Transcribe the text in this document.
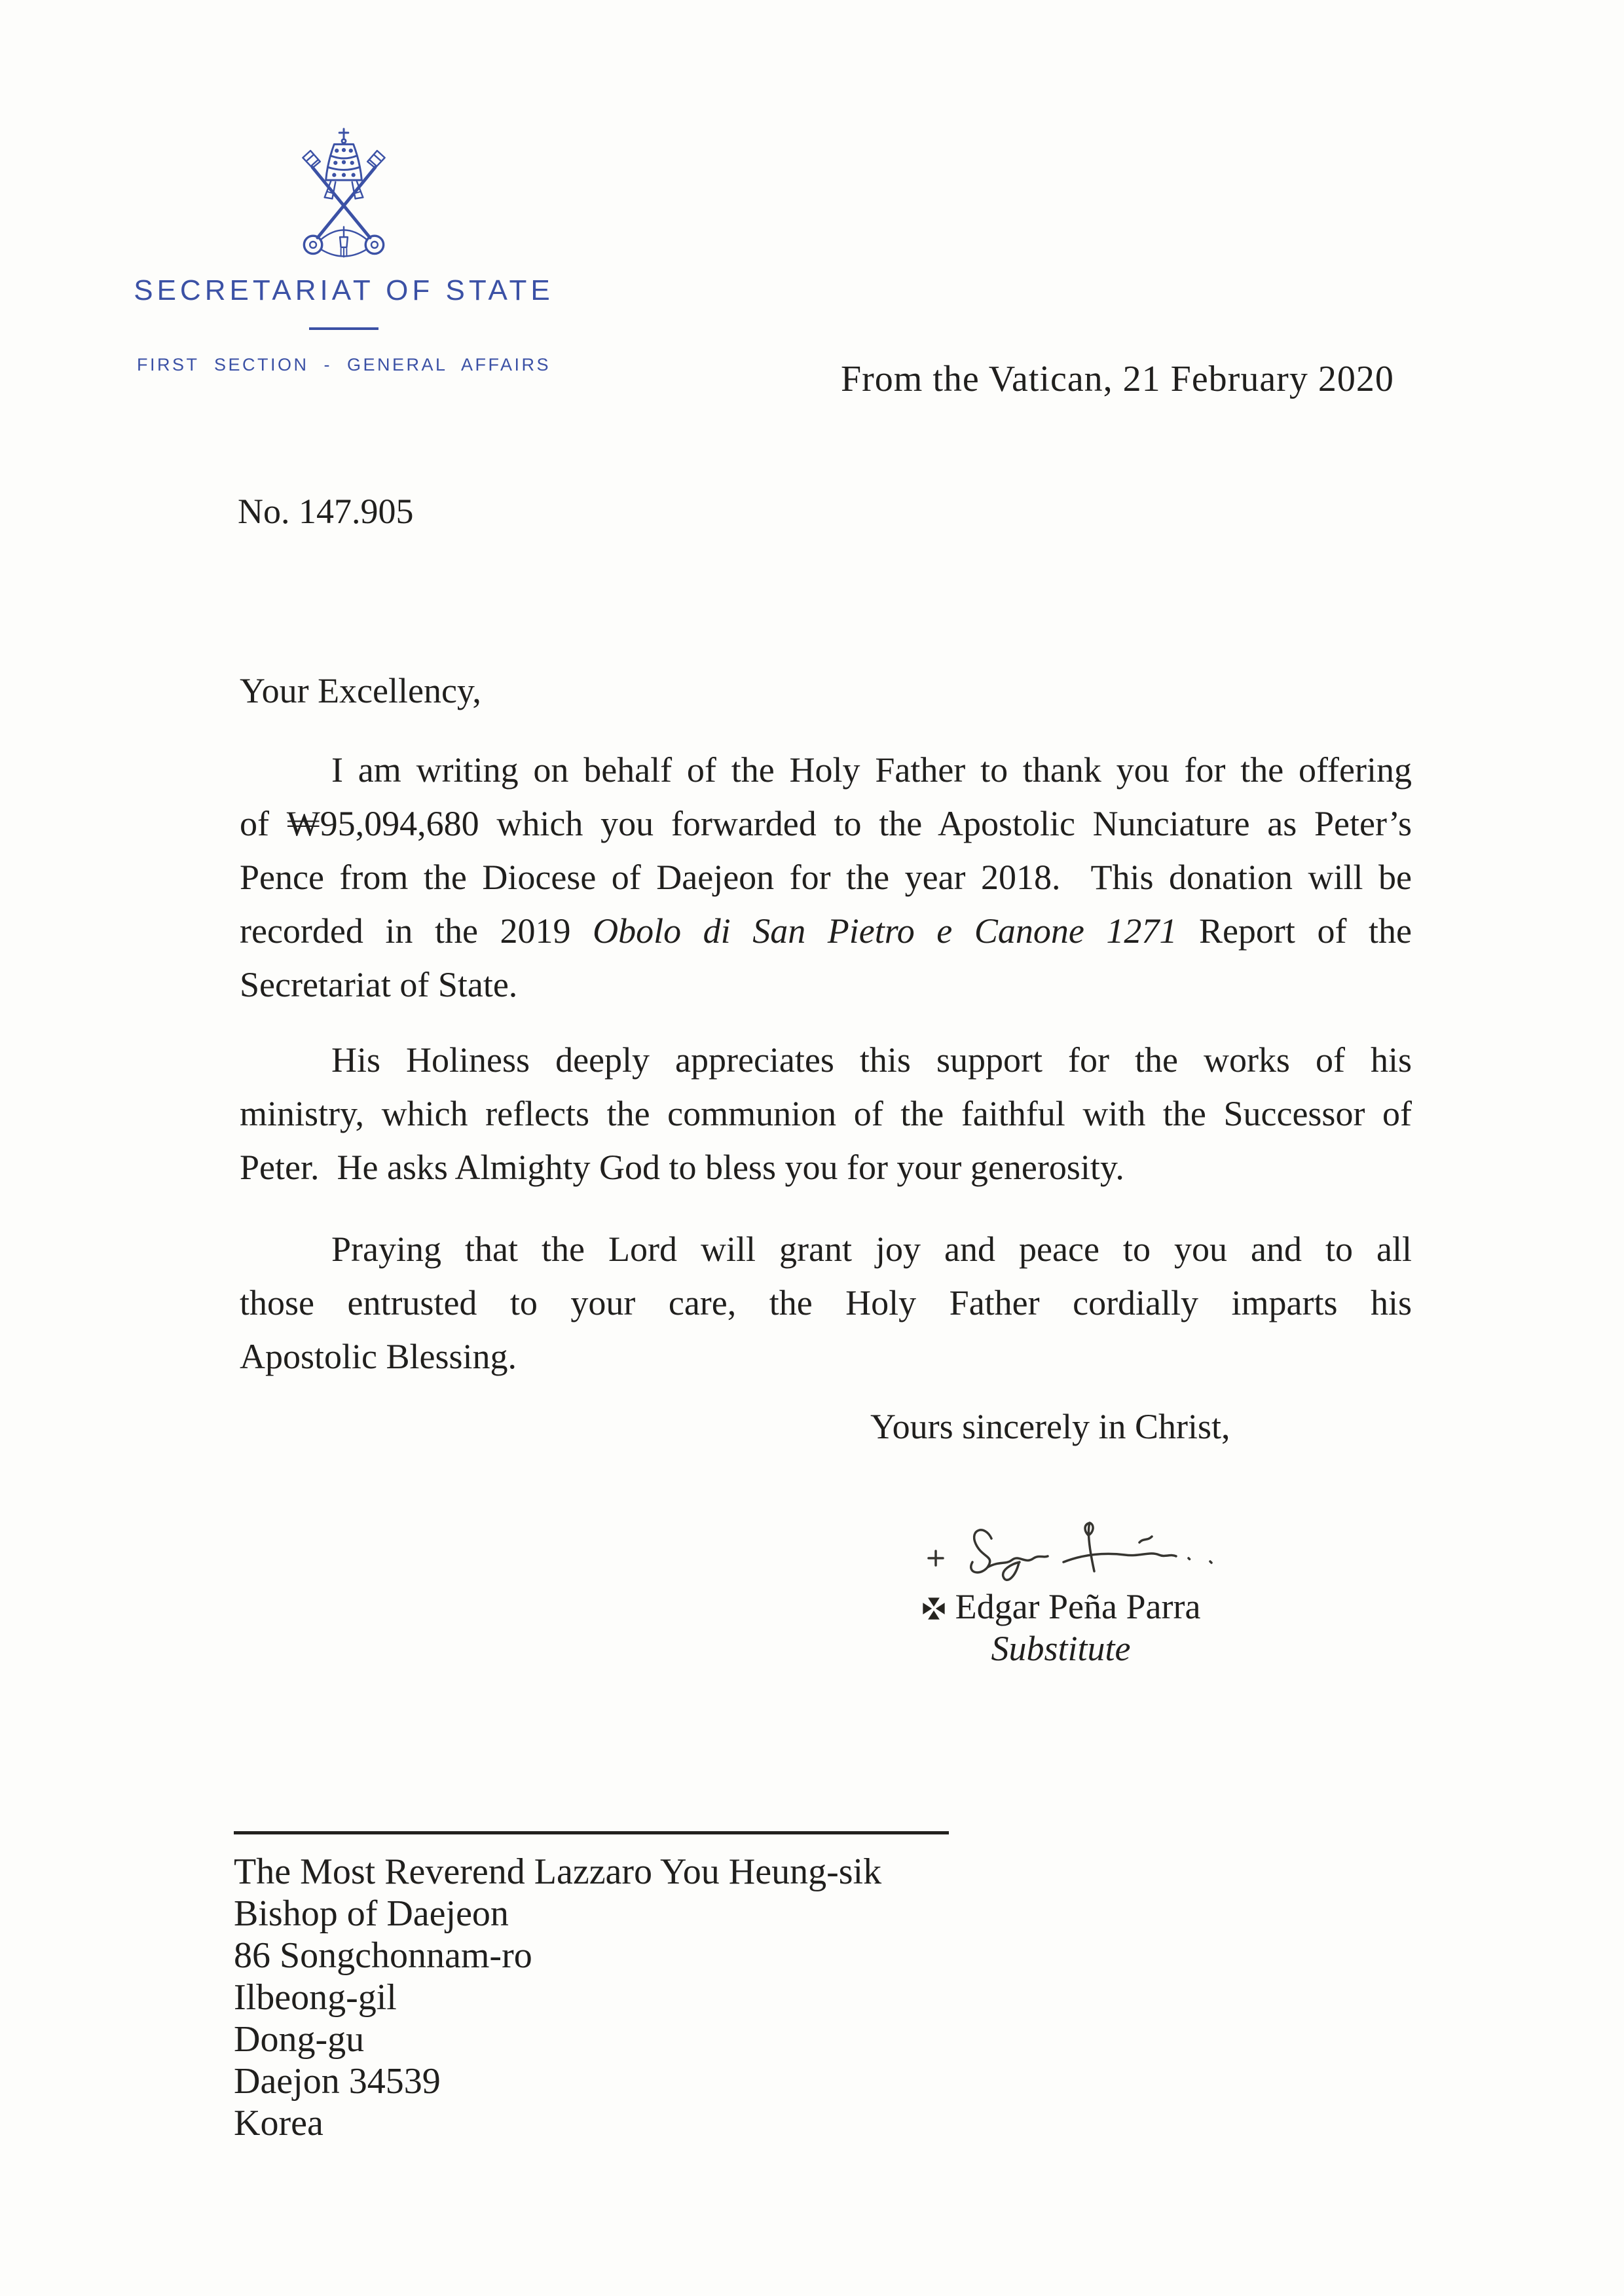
SECRETARIAT OF STATE
FIRST SECTION - GENERAL AFFAIRS	From the Vatican, 21 February 2020
No. 147.905
Your Excellency,
I am writing on behalf of the Holy Father to thank you for the offering
of ₩95,094,680 which you forwarded to the Apostolic Nunciature as Peter’s
Pence from the Diocese of Daejeon for the year 2018.  This donation will be
recorded in the 2019 Obolo di San Pietro e Canone 1271 Report of the
Secretariat of State.
His Holiness deeply appreciates this support for the works of his
ministry, which reflects the communion of the faithful with the Successor of
Peter.  He asks Almighty God to bless you for your generosity.
Praying that the Lord will grant joy and peace to you and to all
those entrusted to your care, the Holy Father cordially imparts his
Apostolic Blessing.
Yours sincerely in Christ,
Edgar Peña Parra
Substitute
The Most Reverend Lazzaro You Heung-sik
Bishop of Daejeon
86 Songchonnam-ro
Ilbeong-gil
Dong-gu
Daejon 34539
Korea
